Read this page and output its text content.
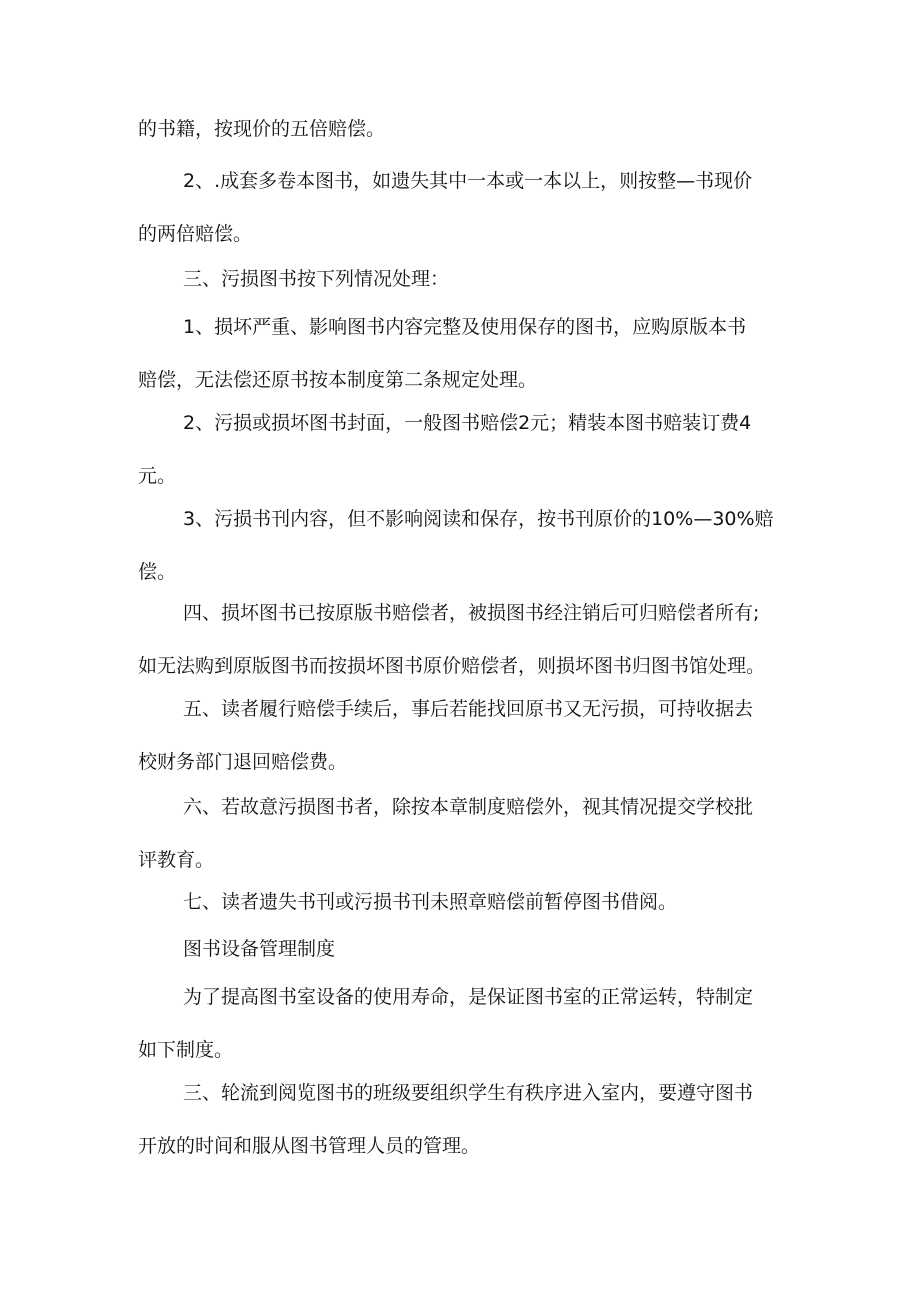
的书籍，按现价的五倍赔偿。

2、.成套多卷本图书，如遗失其中一本或一本以上，则按整—书现价

的两倍赔偿。

三、污损图书按下列情况处理：

1、损坏严重、影响图书内容完整及使用保存的图书，应购原版本书

赔偿，无法偿还原书按本制度第二条规定处理。

2、污损或损坏图书封面，一般图书赔偿2元；精装本图书赔装订费4

元。

3、污损书刊内容，但不影响阅读和保存，按书刊原价的10%—30%赔

偿。

四、损坏图书已按原版书赔偿者，被损图书经注销后可归赔偿者所有;

如无法购到原版图书而按损坏图书原价赔偿者，则损坏图书归图书馆处理。

五、读者履行赔偿手续后，事后若能找回原书又无污损，可持收据去

校财务部门退回赔偿费。

六、若故意污损图书者，除按本章制度赔偿外，视其情况提交学校批

评教育。

七、读者遗失书刊或污损书刊未照章赔偿前暂停图书借阅。

图书设备管理制度

为了提高图书室设备的使用寿命，是保证图书室的正常运转，特制定

如下制度。

三、轮流到阅览图书的班级要组织学生有秩序进入室内，要遵守图书

开放的时间和服从图书管理人员的管理。
